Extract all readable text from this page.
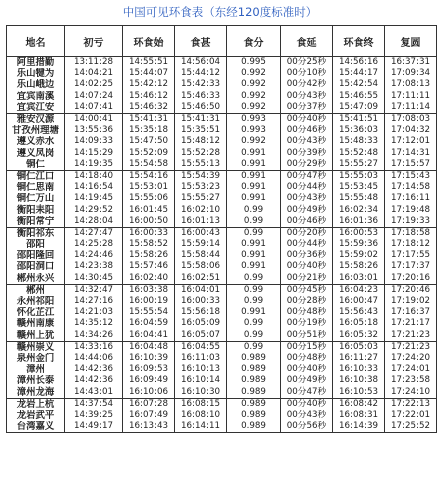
中国可见环食表（东经120度标准时）
地名	初亏	环食始	食甚	食分	食延	环食终	复圆
阿里措勤	13:11:28	14:55:51	14:56:04	0.995	00分25秒	14:56:16	16:37:31
乐山犍为	14:04:21	15:44:07	15:44:12	0.992	00分10秒	15:44:17	17:09:34
乐山峨边	14:02:25	15:42:12	15:42:33	0.992	00分42秒	15:42:54	17:08:13
宜宾南溪	14:07:24	15:46:12	15:46:33	0.992	00分43秒	15:46:55	17:11:11
宜宾江安	14:07:41	15:46:32	15:46:50	0.992	00分37秒	15:47:09	17:11:14
雅安汉源	14:00:41	15:41:31	15:41:31	0.993	00分40秒	15:41:51	17:08:03
甘孜州理塘	13:55:36	15:35:18	15:35:51	0.993	00分46秒	15:36:03	17:04:32
遵义赤水	14:09:33	15:47:50	15:48:12	0.992	00分43秒	15:48:33	17:12:01
遵义凤岗	14:15:29	15:52:09	15:52:28	0.991	00分39秒	15:52:48	17:14:31
铜仁	14:19:35	15:54:58	15:55:13	0.991	00分29秒	15:55:27	17:15:57
铜仁江口	14:18:40	15:54:16	15:54:39	0.991	00分47秒	15:55:03	17:15:43
铜仁思南	14:16:54	15:53:01	15:53:23	0.991	00分44秒	15:53:45	17:14:58
铜仁万山	14:19:45	15:55:06	15:55:27	0.991	00分43秒	15:55:48	17:16:11
衡阳耒阳	14:29:52	16:01:45	16:02:10	0.99	00分49秒	16:02:34	17:19:48
衡阳常宁	14:28:04	16:00:50	16:01:13	0.99	00分46秒	16:01:36	17:19:33
衡阳祁东	14:27:47	16:00:33	16:00:43	0.99	00分20秒	16:00:53	17:18:58
邵阳	14:25:28	15:58:52	15:59:14	0.991	00分44秒	15:59:36	17:18:12
邵阳隆回	14:24:46	15:58:26	15:58:44	0.991	00分36秒	15:59:02	17:17:55
邵阳洞口	14:23:38	15:57:46	15:58:06	0.991	00分40秒	15:58:26	17:17:37
郴州永兴	14:30:45	16:02:40	16:02:51	0.99	00分21秒	16:03:01	17:20:16
郴州	14:32:47	16:03:38	16:04:01	0.99	00分45秒	16:04:23	17:20:46
永州祁阳	14:27:16	16:00:19	16:00:33	0.99	00分28秒	16:00:47	17:19:02
怀化芷江	14:21:03	15:55:54	15:56:18	0.991	00分48秒	15:56:43	17:16:37
赣州南康	14:35:12	16:04:59	16:05:09	0.99	00分19秒	16:05:18	17:21:17
赣州上犹	14:34:26	16:04:41	16:05:07	0.99	00分51秒	16:05:32	17:21:23
赣州崇义	14:33:16	16:04:48	16:04:55	0.99	00分15秒	16:05:03	17:21:23
泉州金门	14:44:06	16:10:39	16:11:03	0.989	00分48秒	16:11:27	17:24:20
漳州	14:42:36	16:09:53	16:10:13	0.989	00分40秒	16:10:33	17:24:01
漳州长泰	14:42:36	16:09:49	16:10:14	0.989	00分49秒	16:10:38	17:23:58
漳州龙海	14:43:01	16:10:06	16:10:30	0.989	00分47秒	16:10:53	17:24:10
龙岩上杭	14:37:54	16:07:28	16:08:15	0.989	00分40秒	16:08:42	17:22:13
龙岩武平	14:39:25	16:07:49	16:08:10	0.989	00分43秒	16:08:31	17:22:01
台湾嘉义	14:49:17	16:13:43	16:14:11	0.989	00分56秒	16:14:39	17:25:52
